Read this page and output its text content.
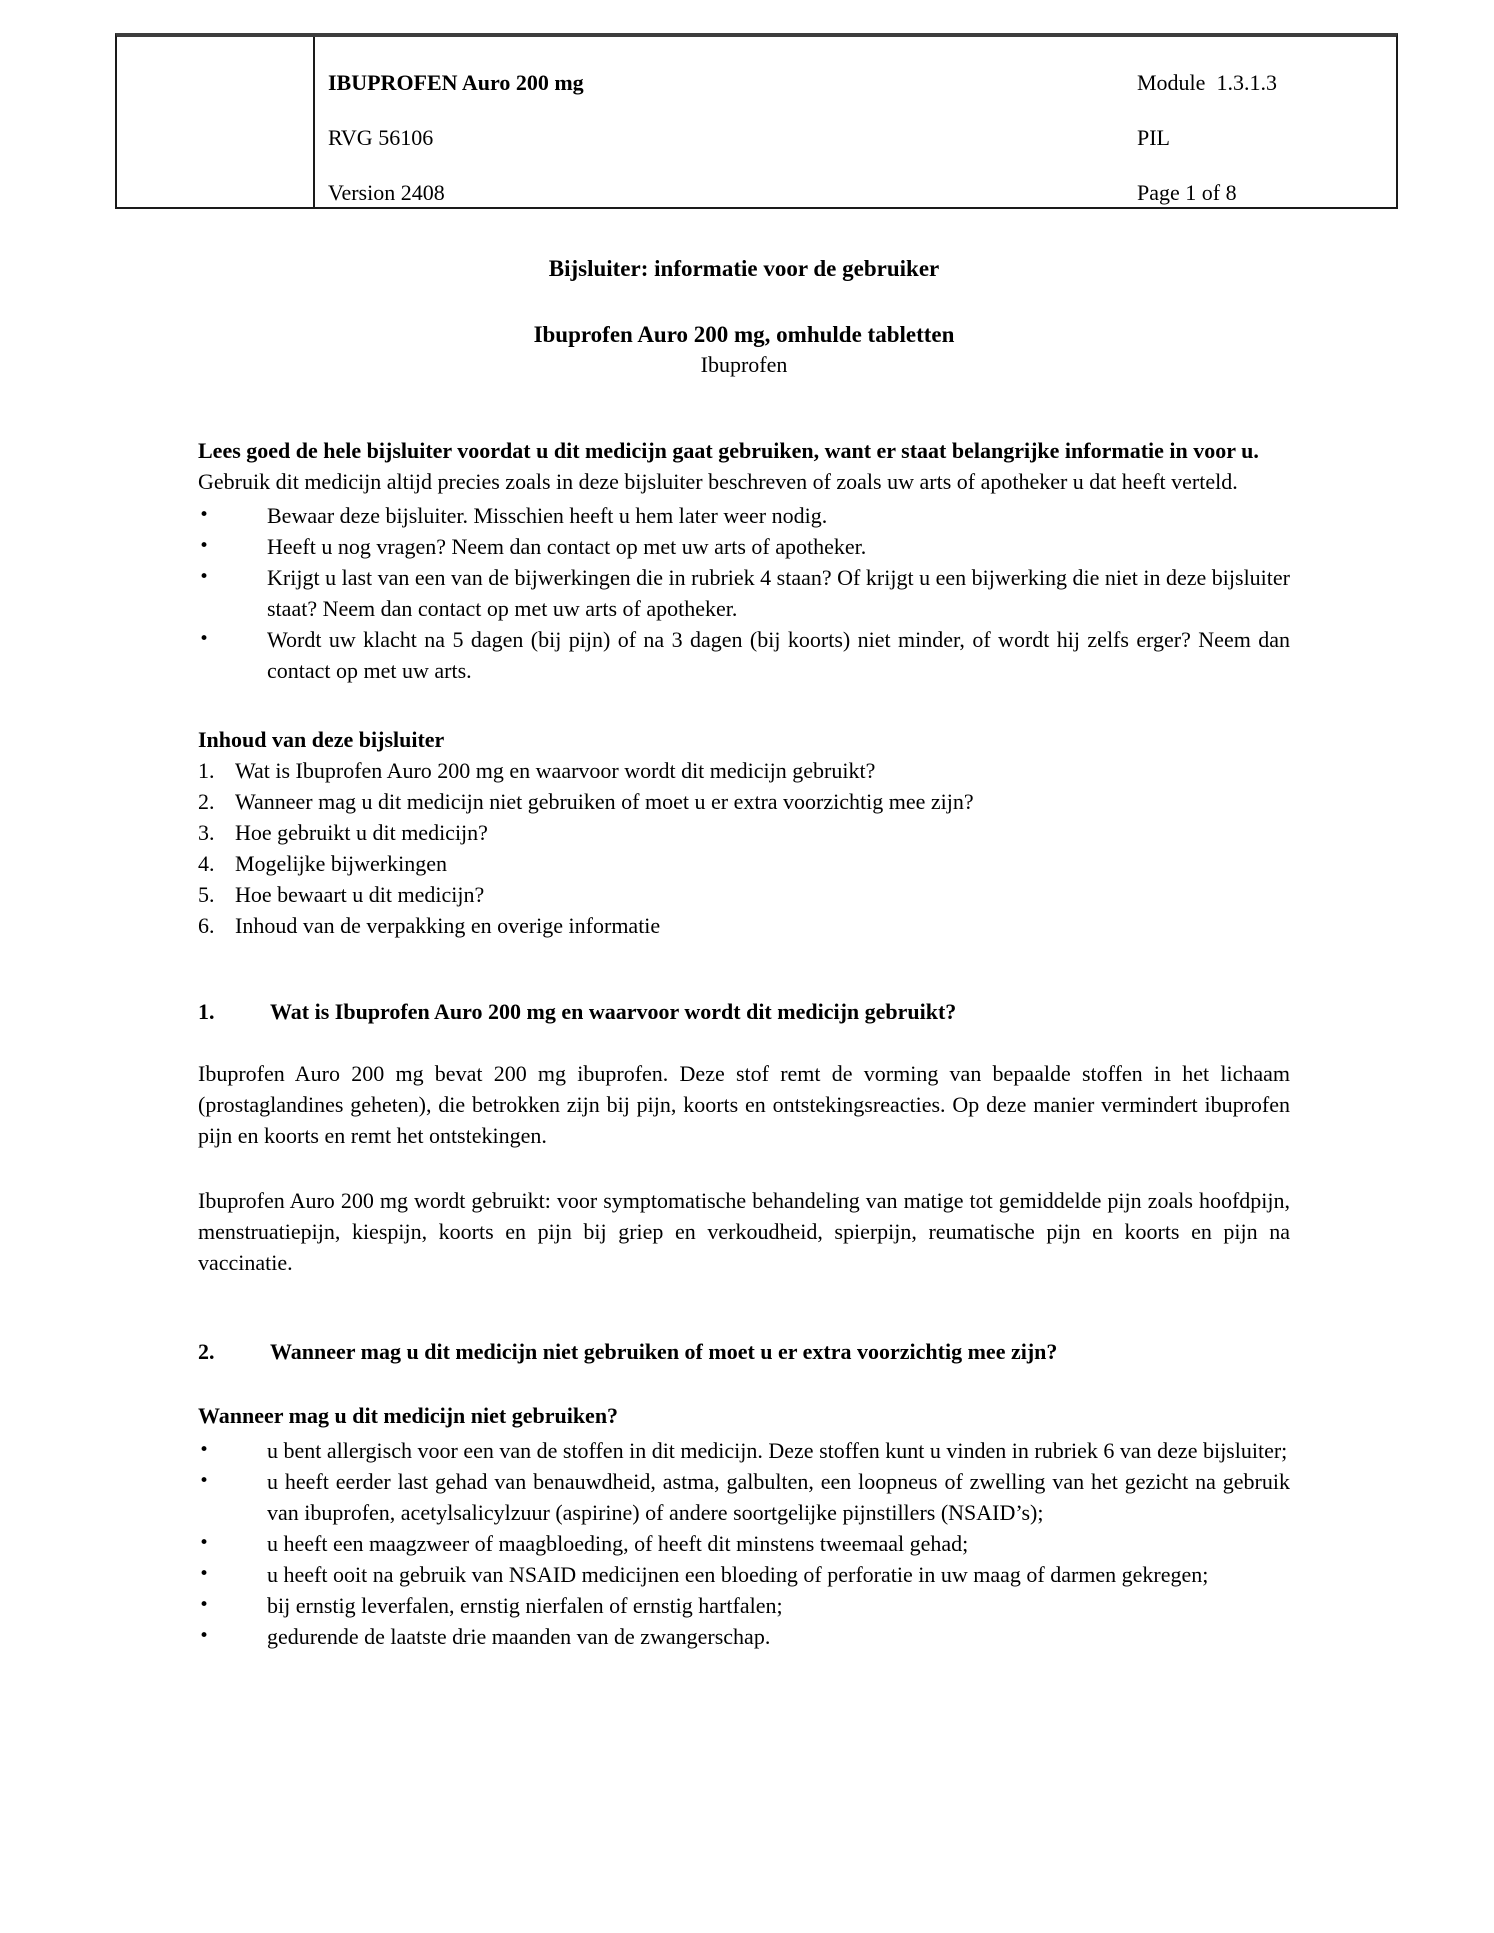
IBUPROFEN Auro 200 mg	Module  1.3.1.3
RVG 56106	PIL
Version 2408	Page 1 of 8
Bijsluiter: informatie voor de gebruiker
Ibuprofen Auro 200 mg, omhulde tabletten
Ibuprofen

Lees goed de hele bijsluiter voordat u dit medicijn gaat gebruiken, want er staat belangrijke informatie in voor u.

Gebruik dit medicijn altijd precies zoals in deze bijsluiter beschreven of zoals uw arts of apotheker u dat heeft verteld.

•	Bewaar deze bijsluiter. Misschien heeft u hem later weer nodig.
•	Heeft u nog vragen? Neem dan contact op met uw arts of apotheker.
•	Krijgt u last van een van de bijwerkingen die in rubriek 4 staan? Of krijgt u een bijwerking die niet in deze bijsluiter staat? Neem dan contact op met uw arts of apotheker.
•	Wordt uw klacht na 5 dagen (bij pijn) of na 3 dagen (bij koorts) niet minder, of wordt hij zelfs erger? Neem dan contact op met uw arts.
Inhoud van deze bijsluiter
1. Wat is Ibuprofen Auro 200 mg en waarvoor wordt dit medicijn gebruikt?
2. Wanneer mag u dit medicijn niet gebruiken of moet u er extra voorzichtig mee zijn?
3. Hoe gebruikt u dit medicijn?
4. Mogelijke bijwerkingen
5. Hoe bewaart u dit medicijn?
6. Inhoud van de verpakking en overige informatie
1.	Wat is Ibuprofen Auro 200 mg en waarvoor wordt dit medicijn gebruikt?

Ibuprofen Auro 200 mg bevat 200 mg ibuprofen. Deze stof remt de vorming van bepaalde stoffen in het lichaam (prostaglandines geheten), die betrokken zijn bij pijn, koorts en ontstekingsreacties. Op deze manier vermindert ibuprofen pijn en koorts en remt het ontstekingen.

Ibuprofen Auro 200 mg wordt gebruikt: voor symptomatische behandeling van matige tot gemiddelde pijn zoals hoofdpijn, menstruatiepijn, kiespijn, koorts en pijn bij griep en verkoudheid, spierpijn, reumatische pijn en koorts en pijn na vaccinatie.

2.	Wanneer mag u dit medicijn niet gebruiken of moet u er extra voorzichtig mee zijn?
Wanneer mag u dit medicijn niet gebruiken?
•	u bent allergisch voor een van de stoffen in dit medicijn. Deze stoffen kunt u vinden in rubriek 6 van deze bijsluiter;
•	u heeft eerder last gehad van benauwdheid, astma, galbulten, een loopneus of zwelling van het gezicht na gebruik van ibuprofen, acetylsalicylzuur (aspirine) of andere soortgelijke pijnstillers (NSAID’s);
•	u heeft een maagzweer of maagbloeding, of heeft dit minstens tweemaal gehad;
•	u heeft ooit na gebruik van NSAID medicijnen een bloeding of perforatie in uw maag of darmen gekregen;
•	bij ernstig leverfalen, ernstig nierfalen of ernstig hartfalen;
•	gedurende de laatste drie maanden van de zwangerschap.
